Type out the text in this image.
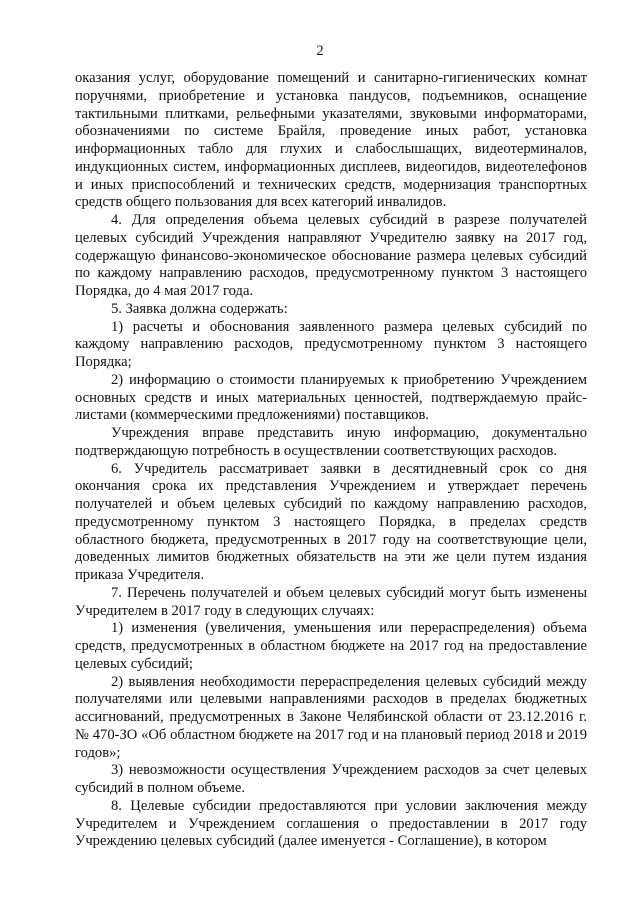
2

оказания услуг, оборудование помещений и санитарно-гигиенических комнат поручнями, приобретение и установка пандусов, подъемников, оснащение тактильными плитками, рельефными указателями, звуковыми информаторами, обозначениями по системе Брайля, проведение иных работ, установка информационных табло для глухих и слабослышащих, видеотерминалов, индукционных систем, информационных дисплеев, видеогидов, видеотелефонов и иных приспособлений и технических средств, модернизация транспортных средств общего пользования для всех категорий инвалидов.

4. Для определения объема целевых субсидий в разрезе получателей целевых субсидий Учреждения направляют Учредителю заявку на 2017 год, содержащую финансово-экономическое обоснование размера целевых субсидий по каждому направлению расходов, предусмотренному пунктом 3 настоящего Порядка, до 4 мая 2017 года.

5. Заявка должна содержать:

1) расчеты и обоснования заявленного размера целевых субсидий по каждому направлению расходов, предусмотренному пунктом 3 настоящего Порядка;

2) информацию о стоимости планируемых к приобретению Учреждением основных средств и иных материальных ценностей, подтверждаемую прайс-листами (коммерческими предложениями) поставщиков.

Учреждения вправе представить иную информацию, документально подтверждающую потребность в осуществлении соответствующих расходов.

6. Учредитель рассматривает заявки в десятидневный срок со дня окончания срока их представления Учреждением и утверждает перечень получателей и объем целевых субсидий по каждому направлению расходов, предусмотренному пунктом 3 настоящего Порядка, в пределах средств областного бюджета, предусмотренных в 2017 году на соответствующие цели, доведенных лимитов бюджетных обязательств на эти же цели путем издания приказа Учредителя.

7. Перечень получателей и объем целевых субсидий могут быть изменены Учредителем в 2017 году в следующих случаях:

1) изменения (увеличения, уменьшения или перераспределения) объема средств, предусмотренных в областном бюджете на 2017 год на предоставление целевых субсидий;

2) выявления необходимости перераспределения целевых субсидий между получателями или целевыми направлениями расходов в пределах бюджетных ассигнований, предусмотренных в Законе Челябинской области от 23.12.2016 г. № 470-ЗО «Об областном бюджете на 2017 год и на плановый период 2018 и 2019 годов»;

3) невозможности осуществления Учреждением расходов за счет целевых субсидий в полном объеме.

8. Целевые субсидии предоставляются при условии заключения между Учредителем и Учреждением соглашения о предоставлении в 2017 году Учреждению целевых субсидий (далее именуется - Соглашение), в котором
